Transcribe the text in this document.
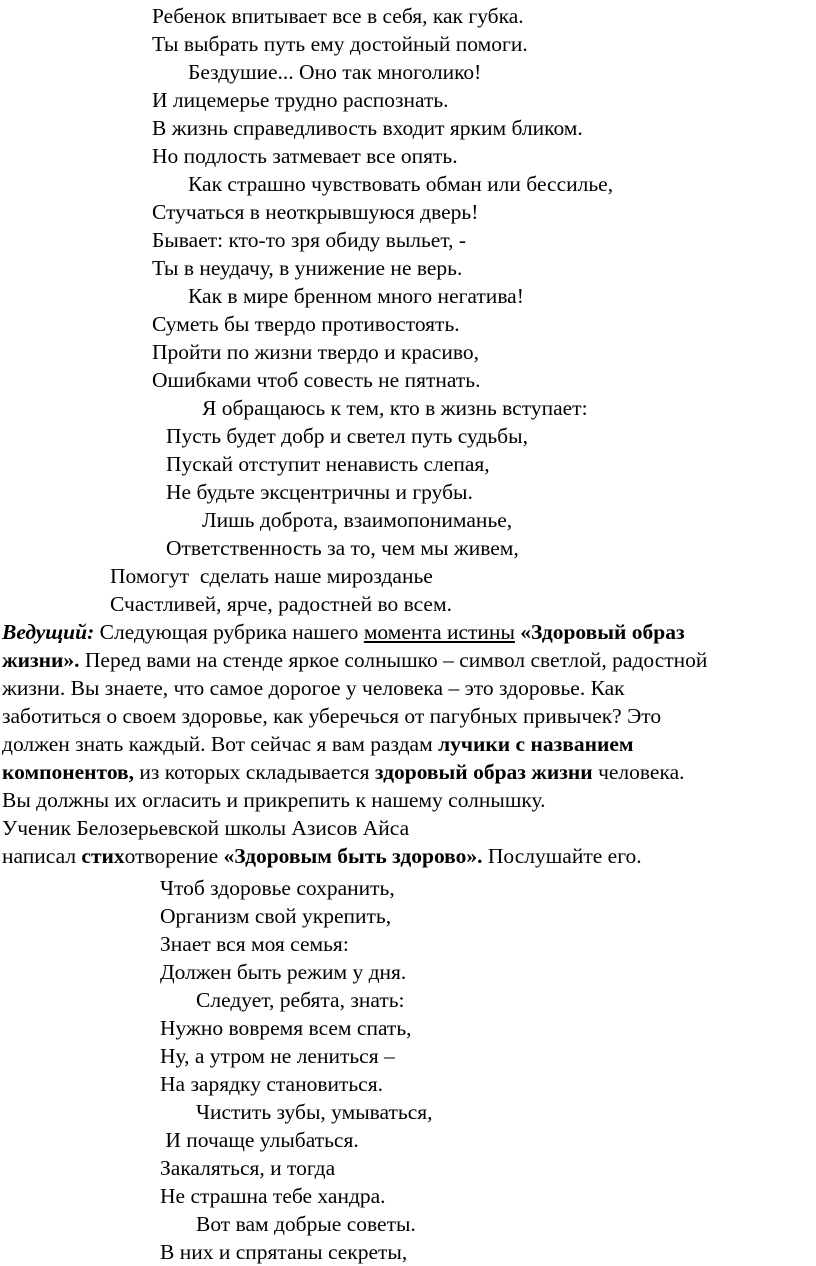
Ребенок впитывает все в себя, как губка.
Ты выбрать путь ему достойный помоги.
Бездушие... Оно так многолико!
И лицемерье трудно распознать.
В жизнь справедливость входит ярким бликом.
Но подлость затмевает все опять.
Как страшно чувствовать обман или бессилье,
Стучаться в неоткрывшуюся дверь!
Бывает: кто-то зря обиду выльет, -
Ты в неудачу, в унижение не верь.
Как в мире бренном много негатива!
Суметь бы твердо противостоять.
Пройти по жизни твердо и красиво,
Ошибками чтоб совесть не пятнать.
Я обращаюсь к тем, кто в жизнь вступает:
Пусть будет добр и светел путь судьбы,
Пускай отступит ненависть слепая,
Не будьте эксцентричны и грубы.
Лишь доброта, взаимопониманье,
Ответственность за то, чем мы живем,
Помогут  сделать наше мирозданье
Счастливей, ярче, радостней во всем.
Ведущий: Следующая рубрика нашего момента истины «Здоровый образ
жизни». Перед вами на стенде яркое солнышко – символ светлой, радостной
жизни. Вы знаете, что самое дорогое у человека – это здоровье. Как
заботиться о своем здоровье, как уберечься от пагубных привычек? Это
должен знать каждый. Вот сейчас я вам раздам лучики с названием
компонентов, из которых складывается здоровый образ жизни человека.
Вы должны их огласить и прикрепить к нашему солнышку.
Ученик Белозерьевской школы Азисов Айса
написал стихотворение «Здоровым быть здорово». Послушайте его.
Чтоб здоровье сохранить,
Организм свой укрепить,
Знает вся моя семья:
Должен быть режим у дня.
Следует, ребята, знать:
Нужно вовремя всем спать,
Ну, а утром не лениться –
На зарядку становиться.
Чистить зубы, умываться,
И почаще улыбаться.
Закаляться, и тогда
Не страшна тебе хандра.
Вот вам добрые советы.
В них и спрятаны секреты,
